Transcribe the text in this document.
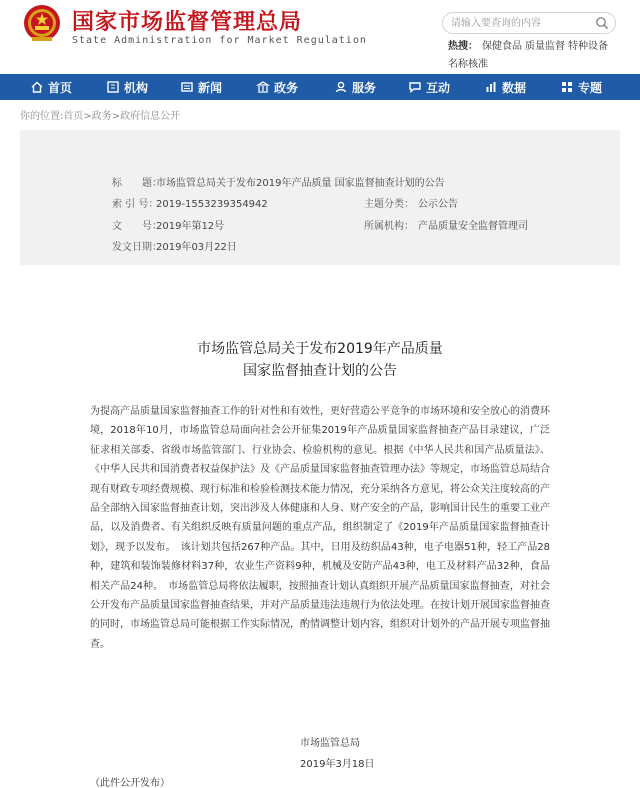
国家市场监督管理总局
State Administration for Market Regulation
请输入要查询的内容
热搜： 保健食品 质量监督 特种设备
名称核准
首页	机构	新闻	政务	服务	互动	数据	专题
你的位置:首页>政务>政府信息公开
标　　题：市场监管总局关于发布2019年产品质量 国家监督抽查计划的公告
索 引 号：2019-1553239354942	主题分类： 公示公告
文　　号：2019年第12号	所属机构： 产品质量安全监督管理司
发文日期：2019年03月22日
市场监管总局关于发布2019年产品质量
国家监督抽查计划的公告

为提高产品质量国家监督抽查工作的针对性和有效性，更好营造公平竞争的市场环境和安全放心的消费环境，2018年10月，市场监管总局面向社会公开征集2019年产品质量国家监督抽查产品目录建议，广泛征求相关部委、省级市场监管部门、行业协会、检验机构的意见。根据《中华人民共和国产品质量法》、《中华人民共和国消费者权益保护法》及《产品质量国家监督抽查管理办法》等规定，市场监管总局结合现有财政专项经费规模、现行标准和检验检测技术能力情况，充分采纳各方意见，将公众关注度较高的产品全部纳入国家监督抽查计划，突出涉及人体健康和人身、财产安全的产品，影响国计民生的重要工业产品，以及消费者、有关组织反映有质量问题的重点产品，组织制定了《2019年产品质量国家监督抽查计划》，现予以发布。　该计划共包括267种产品。其中，日用及纺织品43种，电子电器51种，轻工产品28种，建筑和装饰装修材料37种，农业生产资料9种，机械及安防产品43种，电工及材料产品32种，食品相关产品24种。　市场监管总局将依法履职，按照抽查计划认真组织开展产品质量国家监督抽查，对社会公开发布产品质量国家监督抽查结果，并对产品质量违法违规行为依法处理。在按计划开展国家监督抽查的同时，市场监管总局可能根据工作实际情况，酌情调整计划内容，组织对计划外的产品开展专项监督抽查。

市场监管总局
2019年3月18日
（此件公开发布）
